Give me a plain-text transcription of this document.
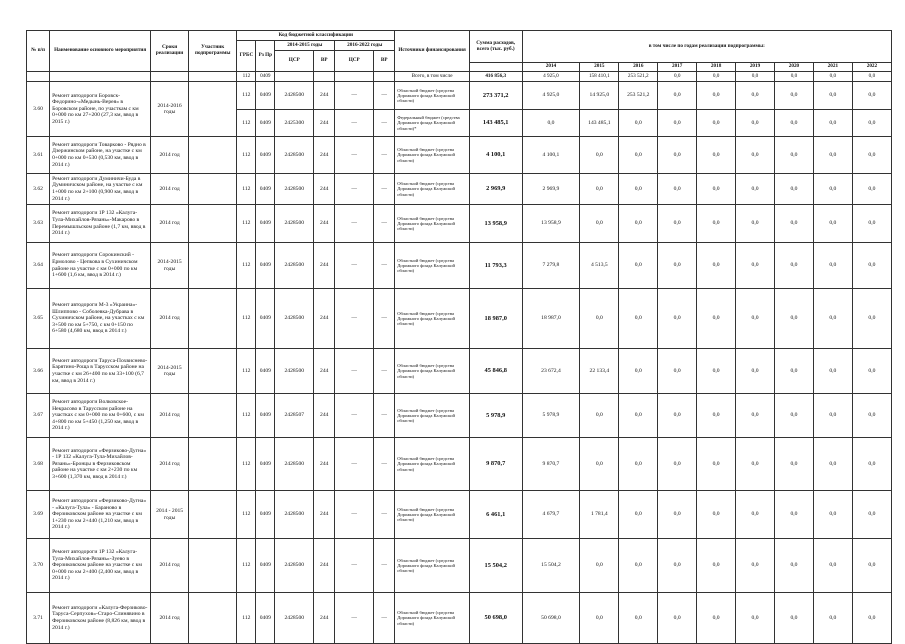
№ п/п	Наименование основного мероприятия	Сроки реализации	Участник подпрограммы	Код бюджетной классификации						Источники финансирования	Сумма расходов, всего (тыс. руб.)	в том числе по годам реализации подпрограммы:								
				ГРБС	Рз Пр	2014-2015 годы		2016-2022 годы												
						ЦСР	ВР	ЦСР	ВР											
												2014	2015	2016	2017	2018	2019	2020	2021	2022
				112	0409					Всего, в том числе	416 856,3	4 925,0	158 410,1	253 521,2	0,0	0,0	0,0	0,0	0,0	0,0
3.60	Ремонт автодороги Боровск-Федорино-«Медынь-Верея» в Боровском районе, по участкам с км 0+000 по км 27+200 (27,3 км, ввод в 2015 г.)	2014-2016 годы		112	0409	2428500	244	—	—	Областной бюджет (средства Дорожного фонда Калужской области)	273 371,2	4 925,0	14 925,0	253 521,2	0,0	0,0	0,0	0,0	0,0	0,0
				112	0409	2425300	244	—	—	Федеральный бюджет (средства Дорожного фонда Калужской области)*	143 485,1	0,0	143 485,1	0,0	0,0	0,0	0,0	0,0	0,0	0,0
3.61	Ремонт автодороги Товарково - Рядно в Дзержинском районе, на участке с км 0+000 по км 0+530 (0,530 км, ввод в 2014 г.)	2014 год		112	0409	2428500	244	—	—	Областной бюджет (средства Дорожного фонда Калужской области)	4 100,1	4 100,1	0,0	0,0	0,0	0,0	0,0	0,0	0,0	0,0
3.62	Ремонт автодороги Думиничи-Буда в Думиничском районе, на участке с км 1+000 по км 2+100 (0,900 км, ввод в 2014 г.)	2014 год		112	0409	2428500	244	—	—	Областной бюджет (средства Дорожного фонда Калужской области)	2 969,9	2 969,9	0,0	0,0	0,0	0,0	0,0	0,0	0,0	0,0
3.63	Ремонт автодороги 1Р 132 «Калуга-Тула-Михайлов-Рязань»-Макарово в Перемышльском районе (1,7 км, ввод в 2014 г.)	2014 год		112	0409	2428500	244	—	—	Областной бюджет (средства Дорожного фонда Калужской области)	13 958,9	13 958,9	0,0	0,0	0,0	0,0	0,0	0,0	0,0	0,0
3.64	Ремонт автодороги Сорокинский - Ермолово - Цепкова в Сухиничском районе на участке с км 0+000 по км 1+600 (1,6 км, ввод в 2014 г.)	2014-2015 годы		112	0409	2428500	244	—	—	Областной бюджет (средства Дорожного фонда Калужской области)	11 793,3	7 279,8	4 513,5	0,0	0,0	0,0	0,0	0,0	0,0	0,0
3.65	Ремонт автодороги М-3 «Украина»-Шлиппово - Соболевка-Дубрава в Сухиничском районе, на участках с км 3+500 по км 5+750, с км 0+150 по 6+580 (4,680 км, ввод в 2014 г.)	2014 год		112	0409	2428500	244	—	—	Областной бюджет (средства Дорожного фонда Калужской области)	18 987,0	18 987,0	0,0	0,0	0,0	0,0	0,0	0,0	0,0	0,0
3.66	Ремонт автодороги Таруса-Похвиснево-Барятино-Роща в Тарусском районе на участке с км 26+400 по км 33+100 (6,7 км, ввод в 2014 г.)	2014-2015 годы		112	0409	2428500	244	—	—	Областной бюджет (средства Дорожного фонда Калужской области)	45 846,8	23 672,4	22 133,4	0,0	0,0	0,0	0,0	0,0	0,0	0,0
3.67	Ремонт автодороги Волковское-Некрасово в Тарусском районе на участках с км 0+000 по км 0+600, с км 4+800 по км 5+450 (1,250 км, ввод в 2014 г.)	2014 год		112	0409	2428507	244	—	—	Областной бюджет (средства Дорожного фонда Калужской области)	5 978,9	5 978,9	0,0	0,0	0,0	0,0	0,0	0,0	0,0	0,0
3.68	Ремонт автодороги «Ферзиково-Дугна» - 1Р 132 «Калуга-Тула-Михайлов-Рязань»-Бронцы в Ферзиковском районе на участке с км 2+230 по км 3+600 (1,370 км, ввод в 2014 г.)	2014 год		112	0409	2428500	244	—	—	Областной бюджет (средства Дорожного фонда Калужской области)	9 870,7	9 870,7	0,0	0,0	0,0	0,0	0,0	0,0	0,0	0,0
3.69	Ремонт автодороги «Ферзиково-Дугна» - «Калуга-Тула» - Бараново в Ферзиковском районе на участке с км 1+230 по км 2+440 (1,210 км, ввод в 2014 г.)	2014 - 2015 годы		112	0409	2428500	244	—	—	Областной бюджет (средства Дорожного фонда Калужской области)	6 461,1	4 679,7	1 781,4	0,0	0,0	0,0	0,0	0,0	0,0	0,0
3.70	Ремонт автодороги 1Р 132 «Калуга-Тула-Михайлов-Рязань»-Зуево в Ферзиковском районе на участке с км 0+000 по км 2+400 (2,400 км, ввод в 2014 г.)	2014 год		112	0409	2428500	244	—	—	Областной бюджет (средства Дорожного фонда Калужской области)	15 504,2	15 504,2	0,0	0,0	0,0	0,0	0,0	0,0	0,0	0,0
3.71	Ремонт автодороги «Калуга-Ферзиково-Таруса-Серпухов»-Старо-Слинявино в Ферзиковском районе (8,826 км, ввод в 2014 г.)	2014 год		112	0409	2428500	244	—	—	Областной бюджет (средства Дорожного фонда Калужской области)	50 698,0	50 698,0	0,0	0,0	0,0	0,0	0,0	0,0	0,0	0,0
